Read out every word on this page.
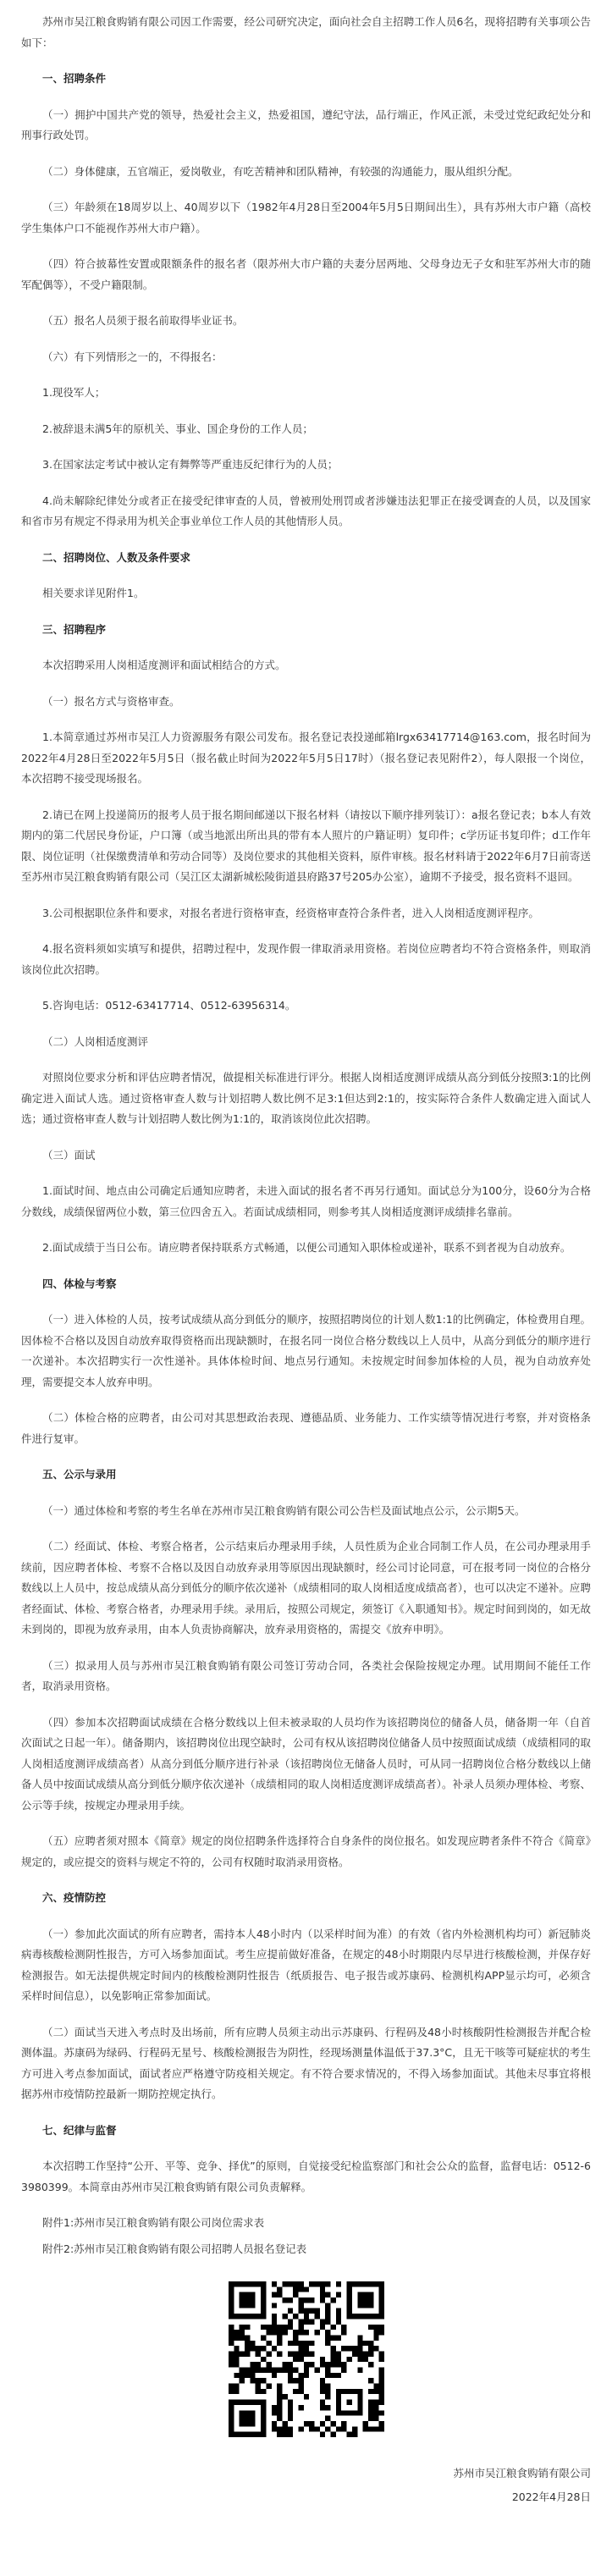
苏州市吴江粮食购销有限公司因工作需要，经公司研究决定，面向社会自主招聘工作人员6名，现将招聘有关事项公告如下：

一、招聘条件

（一）拥护中国共产党的领导，热爱社会主义，热爱祖国，遵纪守法，品行端正，作风正派，未受过党纪政纪处分和刑事行政处罚。

（二）身体健康，五官端正，爱岗敬业，有吃苦精神和团队精神，有较强的沟通能力，服从组织分配。

（三）年龄须在18周岁以上、40周岁以下（1982年4月28日至2004年5月5日期间出生），具有苏州大市户籍（高校学生集体户口不能视作苏州大市户籍）。

（四）符合披幕性安置或限额条件的报名者（限苏州大市户籍的夫妻分居两地、父母身边无子女和驻军苏州大市的随军配偶等），不受户籍限制。

（五）报名人员须于报名前取得毕业证书。

（六）有下列情形之一的，不得报名：

1.现役军人；

2.被辞退未满5年的原机关、事业、国企身份的工作人员；

3.在国家法定考试中被认定有舞弊等严重违反纪律行为的人员；

4.尚未解除纪律处分或者正在接受纪律审查的人员，曾被刑处刑罚或者涉嫌违法犯罪正在接受调查的人员，以及国家和省市另有规定不得录用为机关企事业单位工作人员的其他情形人员。

二、招聘岗位、人数及条件要求

相关要求详见附件1。

三、招聘程序

本次招聘采用人岗相适度测评和面试相结合的方式。

（一）报名方式与资格审查。

1.本简章通过苏州市吴江人力资源服务有限公司发布。报名登记表投递邮箱lrgx63417714@163.com，报名时间为2022年4月28日至2022年5月5日（报名截止时间为2022年5月5日17时）（报名登记表见附件2），每人限报一个岗位，本次招聘不接受现场报名。

2.请已在网上投递简历的报考人员于报名期间邮递以下报名材料（请按以下顺序排列装订）：a报名登记表；b本人有效期内的第二代居民身份证，户口簿（或当地派出所出具的带有本人照片的户籍证明）复印件；c学历证书复印件；d工作年限、岗位证明（社保缴费清单和劳动合同等）及岗位要求的其他相关资料，原件审核。报名材料请于2022年6月7日前寄送至苏州市吴江粮食购销有限公司（吴江区太湖新城松陵街道县府路37号205办公室），逾期不予接受，报名资料不退回。

3.公司根据职位条件和要求，对报名者进行资格审查，经资格审查符合条件者，进入人岗相适度测评程序。

4.报名资料须如实填写和提供，招聘过程中，发现作假一律取消录用资格。若岗位应聘者均不符合资格条件，则取消该岗位此次招聘。

5.咨询电话：0512-63417714、0512-63956314。

（二）人岗相适度测评

对照岗位要求分析和评估应聘者情况，做提相关标准进行评分。根据人岗相适度测评成绩从高分到低分按照3:1的比例确定进入面试人选。通过资格审查人数与计划招聘人数比例不足3:1但达到2:1的，按实际符合条件人数确定进入面试人选；通过资格审查人数与计划招聘人数比例为1:1的，取消该岗位此次招聘。

（三）面试

1.面试时间、地点由公司确定后通知应聘者，未进入面试的报名者不再另行通知。面试总分为100分，设60分为合格分数线，成绩保留两位小数，第三位四舍五入。若面试成绩相同，则参考其人岗相适度测评成绩排名靠前。

2.面试成绩于当日公布。请应聘者保持联系方式畅通，以便公司通知入职体检或递补，联系不到者视为自动放弃。

四、体检与考察

（一）进入体检的人员，按考试成绩从高分到低分的顺序，按照招聘岗位的计划人数1:1的比例确定，体检费用自理。因体检不合格以及因自动放弃取得资格而出现缺额时，在报名同一岗位合格分数线以上人员中，从高分到低分的顺序进行一次递补。本次招聘实行一次性递补。具体体检时间、地点另行通知。未按规定时间参加体检的人员，视为自动放弃处理，需要提交本人放弃申明。

（二）体检合格的应聘者，由公司对其思想政治表现、遵德品质、业务能力、工作实绩等情况进行考察，并对资格条件进行复审。

五、公示与录用

（一）通过体检和考察的考生名单在苏州市吴江粮食购销有限公司公告栏及面试地点公示，公示期5天。

（二）经面试、体检、考察合格者，公示结束后办理录用手续，人员性质为企业合同制工作人员，在公司办理录用手续前，因应聘者体检、考察不合格以及因自动放弃录用等原因出现缺额时，经公司讨论同意，可在报考同一岗位的合格分数线以上人员中，按总成绩从高分到低分的顺序依次递补（成绩相同的取人岗相适度成绩高者），也可以决定不递补。应聘者经面试、体检、考察合格者，办理录用手续。录用后，按照公司规定，须签订《入职通知书》。规定时间到岗的，如无故未到岗的，即视为放弃录用，由本人负责协商解决，放弃录用资格的，需提交《放弃申明》。

（三）拟录用人员与苏州市吴江粮食购销有限公司签订劳动合同，各类社会保险按规定办理。试用期间不能任工作者，取消录用资格。

（四）参加本次招聘面试成绩在合格分数线以上但未被录取的人员均作为该招聘岗位的储备人员，储备期一年（自首次面试之日起一年）。储备期内，该招聘岗位出现空缺时，公司有权从该招聘岗位储备人员中按照面试成绩（成绩相同的取人岗相适度测评成绩高者）从高分到低分顺序进行补录（该招聘岗位无储备人员时，可从同一招聘岗位合格分数线以上储备人员中按面试成绩从高分到低分顺序依次递补（成绩相同的取人岗相适度测评成绩高者）。补录人员须办理体检、考察、公示等手续，按规定办理录用手续。

（五）应聘者须对照本《简章》规定的岗位招聘条件选择符合自身条件的岗位报名。如发现应聘者条件不符合《简章》规定的，或应提交的资料与规定不符的，公司有权随时取消录用资格。

六、疫情防控

（一）参加此次面试的所有应聘者，需持本人48小时内（以采样时间为准）的有效（省内外检测机构均可）新冠肺炎病毒核酸检测阴性报告，方可入场参加面试。考生应提前做好准备，在规定的48小时期限内尽早进行核酸检测，并保存好检测报告。如无法提供规定时间内的核酸检测阴性报告（纸质报告、电子报告或苏康码、检测机构APP显示均可，必须含采样时间信息），以免影响正常参加面试。

（二）面试当天进入考点时及出场前，所有应聘人员须主动出示苏康码、行程码及48小时核酸阴性检测报告并配合检测体温。苏康码为绿码、行程码无星号、核酸检测报告为阴性，经现场测量体温低于37.3°C，且无干咳等可疑症状的考生方可进入考点参加面试，面试者应严格遵守防疫相关规定。有不符合要求情况的，不得入场参加面试。其他未尽事宜将根据苏州市疫情防控最新一期防控规定执行。

七、纪律与监督

本次招聘工作坚持“公开、平等、竞争、择优”的原则，自觉接受纪检监察部门和社会公众的监督，监督电话：0512-63980399。本简章由苏州市吴江粮食购销有限公司负责解释。

附件1:苏州市吴江粮食购销有限公司岗位需求表

附件2:苏州市吴江粮食购销有限公司招聘人员报名登记表

苏州市吴江粮食购销有限公司

2022年4月28日
